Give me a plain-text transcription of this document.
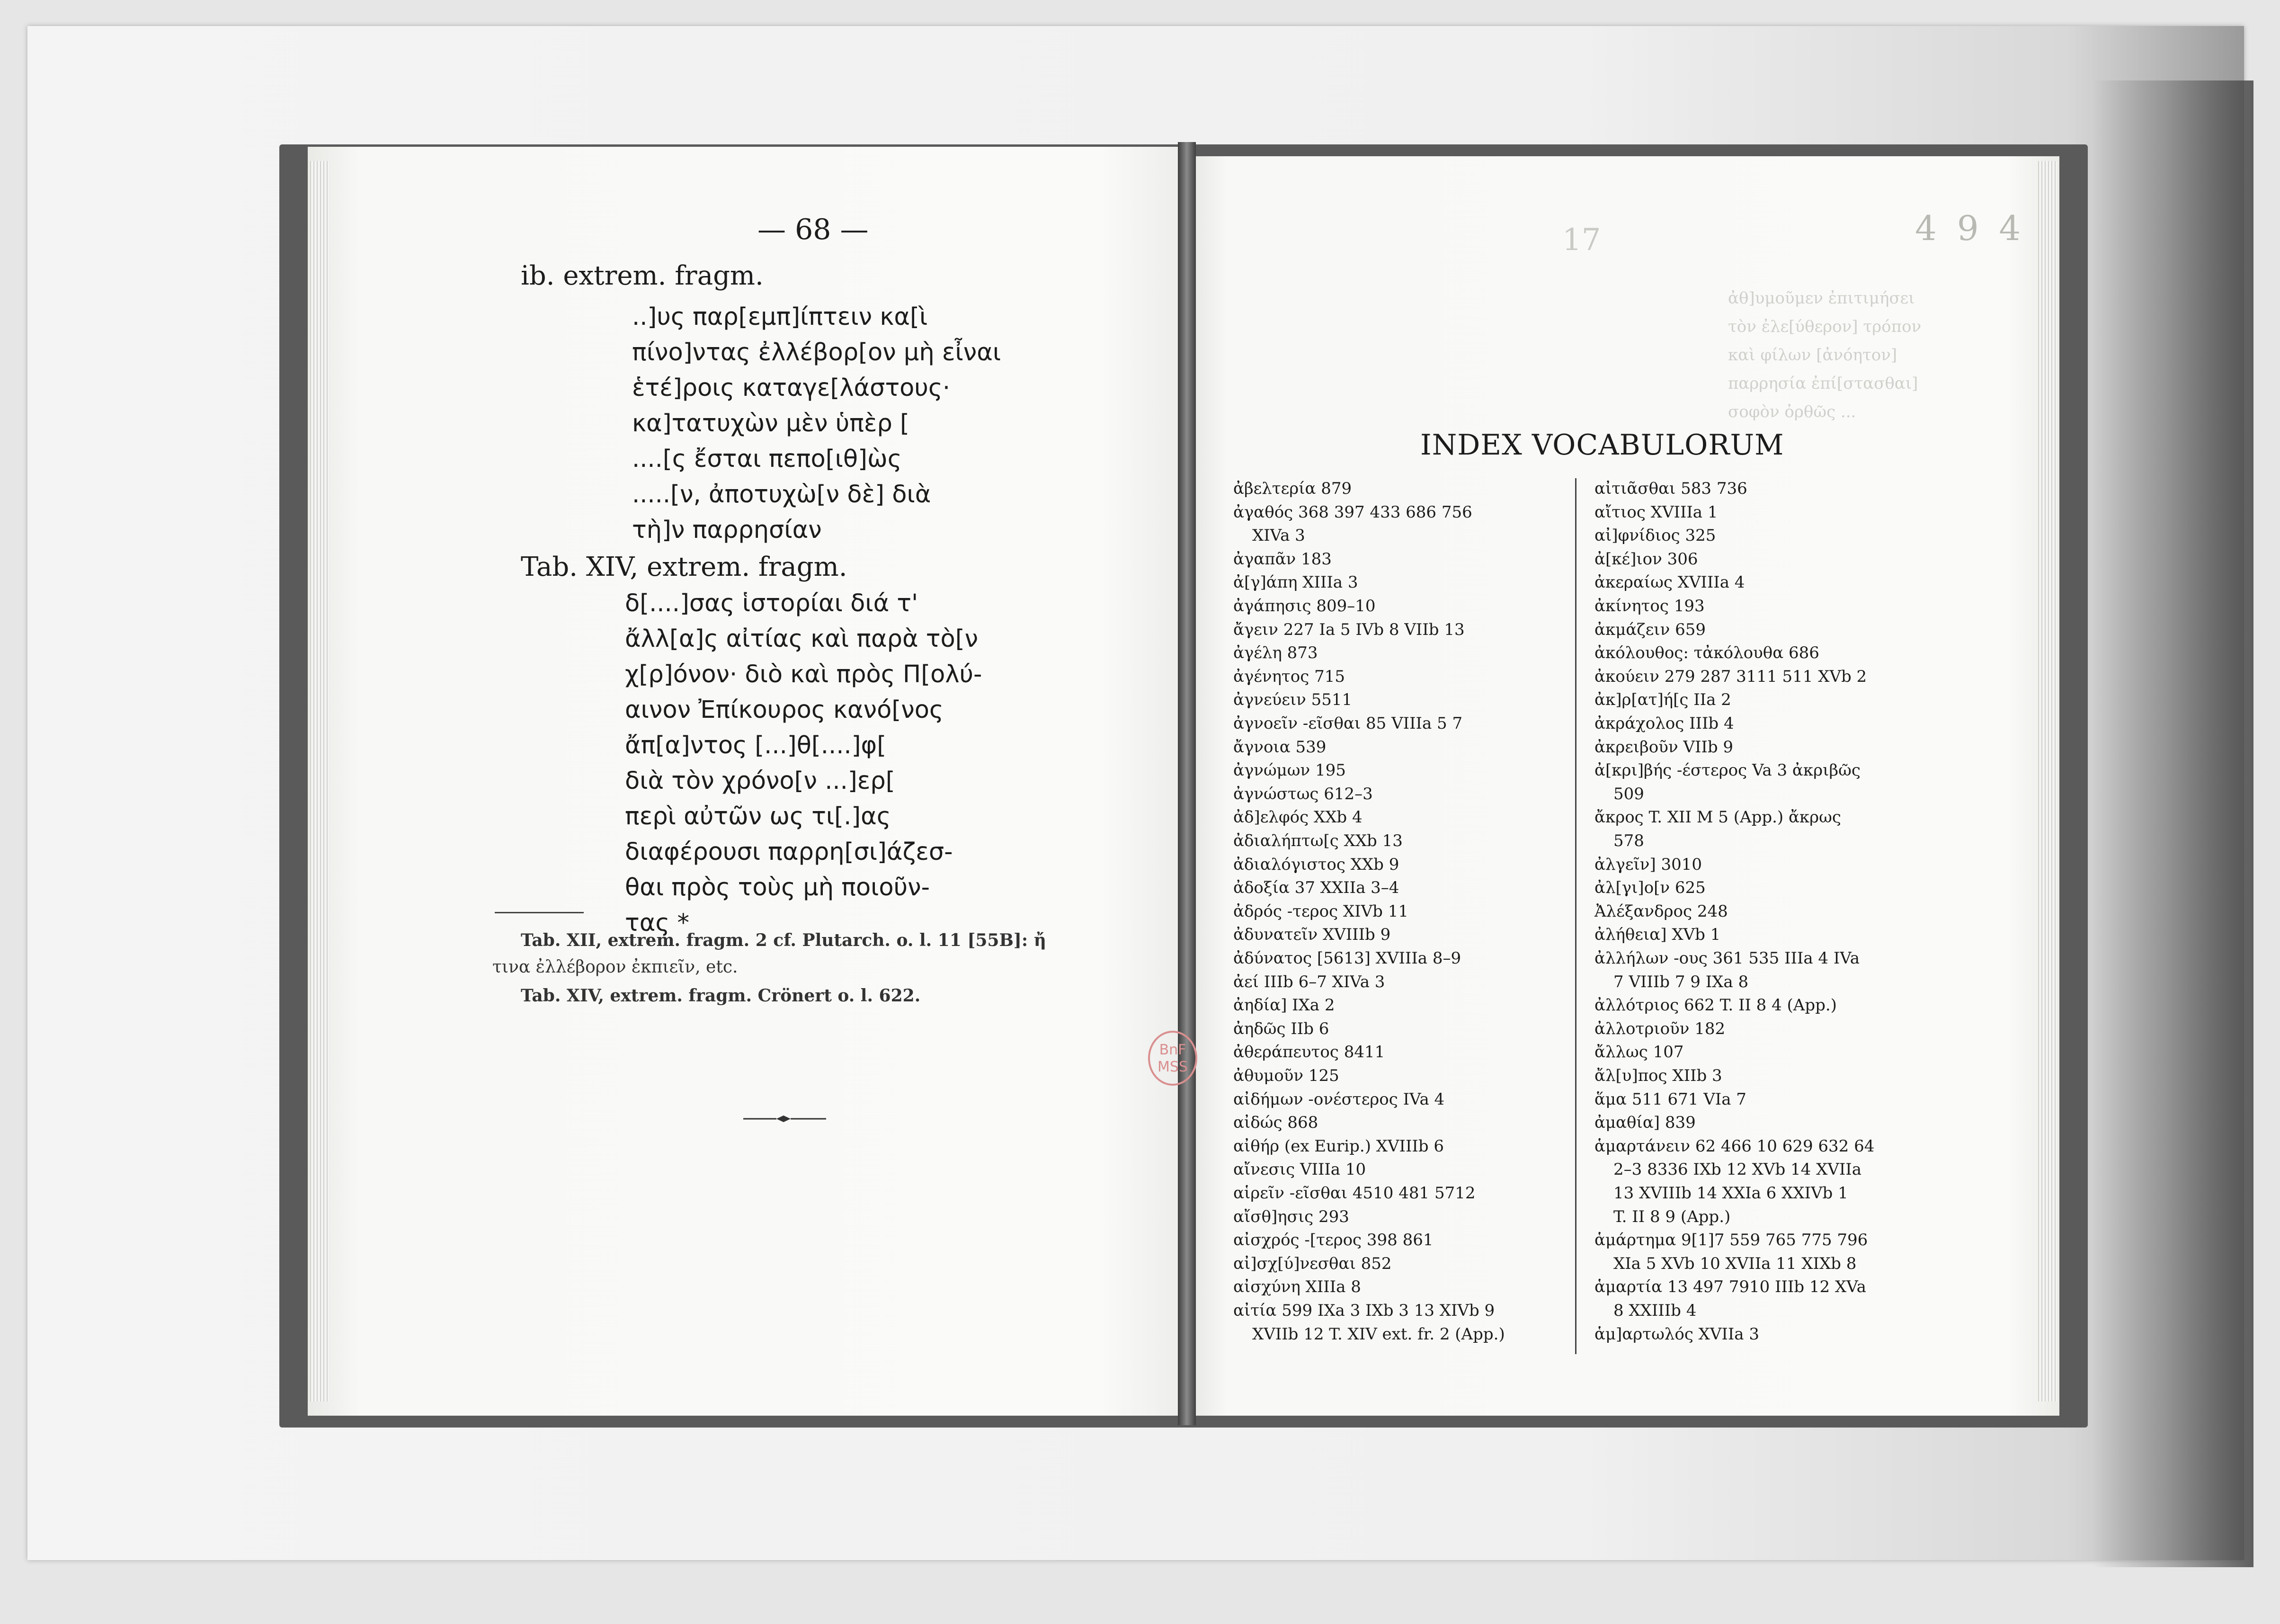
17
ἀθ]υμοῦμεν ἐπιτιμήσει
τὸν ἐλε[ύθερον] τρόπον
καὶ φίλων [ἀνόητον]
παρρησία ἐπί[στασθαι]
σοφὸν ὀρθῶς ...
— 68 —
ib. extrem. fragm.
..]υς παρ[εμπ]ίπτειν κα[ὶ
πίνο]ντας ἐλλέβορ[ον μὴ εἶναι
ἑτέ]ροις καταγε[λάστους·
κα]τατυχὼν μὲν ὑπὲρ [
....[ς ἔσται πεπο[ιθ]ὼς
.....[ν, ἀποτυχὼ[ν δὲ] διὰ
τὴ]ν παρρησίαν
Tab. XIV, extrem. fragm.
δ[....]σας ἱστορίαι διά τ'
ἄλλ[α]ς αἰτίας καὶ παρὰ τὸ[ν
χ[ρ]όνον· διὸ καὶ πρὸς Π[ολύ-
αινον Ἐπίκουρος κανό[νος
ἄπ[α]ντος [...]θ[....]φ[
διὰ τὸν χρόνο[ν ...]ερ[
περὶ αὐτῶν ως τι[.]ας
διαφέρουσι παρρη[σι]άζεσ-
θαι πρὸς τοὺς μὴ ποιοῦν-
τας *
Tab. XII, extrem. fragm. 2 cf. Plutarch. o. l. 11 [55B]: ἤ
τινα ἐλλέβορον ἐκπιεῖν, etc.
Tab. XIV, extrem. fragm. Crönert o. l. 622.
BnF
MSS
4 9 4
INDEX VOCABULORUM
ἀβελτερία 879
ἀγαθός 368 397 433 686 756
XIVa 3
ἀγαπᾶν 183
ἀ[γ]άπη XIIIa 3
ἀγάπησις 809–10
ἄγειν 227 Ia 5 IVb 8 VIIb 13
ἀγέλη 873
ἀγένητος 715
ἀγνεύειν 5511
ἀγνοεῖν -εῖσθαι 85 VIIIa 5 7
ἄγνοια 539
ἀγνώμων 195
ἀγνώστως 612–3
ἀδ]ελφός XXb 4
ἀδιαλήπτω[ς XXb 13
ἀδιαλόγιστος XXb 9
ἀδοξία 37 XXIIa 3–4
ἀδρός -τερος XIVb 11
ἀδυνατεῖν XVIIIb 9
ἀδύνατος [5613] XVIIIa 8–9
ἀεί IIIb 6–7 XIVa 3
ἀηδία] IXa 2
ἀηδῶς IIb 6
ἀθεράπευτος 8411
ἀθυμοῦν 125
αἰδήμων -ονέστερος IVa 4
αἰδώς 868
αἰθήρ (ex Eurip.) XVIIIb 6
αἴνεσις VIIIa 10
αἱρεῖν -εῖσθαι 4510 481 5712
αἴσθ]ησις 293
αἰσχρός -[τερος 398 861
αἰ]σχ[ύ]νεσθαι 852
αἰσχύνη XIIIa 8
αἰτία 599 IXa 3 IXb 3 13 XIVb 9
XVIIb 12 T. XIV ext. fr. 2 (App.)
αἰτιᾶσθαι 583 736
αἴτιος XVIIIa 1
αἰ]φνίδιος 325
ἀ[κέ]ιον 306
ἀκεραίως XVIIIa 4
ἀκίνητος 193
ἀκμάζειν 659
ἀκόλουθος: τἀκόλουθα 686
ἀκούειν 279 287 3111 511 XVb 2
ἀκ]ρ[ατ]ή[ς IIa 2
ἀκράχολος IIIb 4
ἀκρειβοῦν VIIb 9
ἀ[κρι]βής -έστερος Va 3 ἀκριβῶς
509
ἄκρος T. XII M 5 (App.) ἄκρως
578
ἀλγεῖν] 3010
ἀλ[γι]ο[ν 625
Ἀλέξανδρος 248
ἀλήθεια] XVb 1
ἀλλήλων -ους 361 535 IIIa 4 IVa
7 VIIIb 7 9 IXa 8
ἀλλότριος 662 T. II 8 4 (App.)
ἀλλοτριοῦν 182
ἄλλως 107
ἄλ[υ]πος XIIb 3
ἅμα 511 671 VIa 7
ἀμαθία] 839
ἁμαρτάνειν 62 466 10 629 632 64
2–3 8336 IXb 12 XVb 14 XVIIa
13 XVIIIb 14 XXIa 6 XXIVb 1
T. II 8 9 (App.)
ἁμάρτημα 9[1]7 559 765 775 796
XIa 5 XVb 10 XVIIa 11 XIXb 8
ἁμαρτία 13 497 7910 IIIb 12 XVa
8 XXIIIb 4
ἁμ]αρτωλός XVIIa 3
